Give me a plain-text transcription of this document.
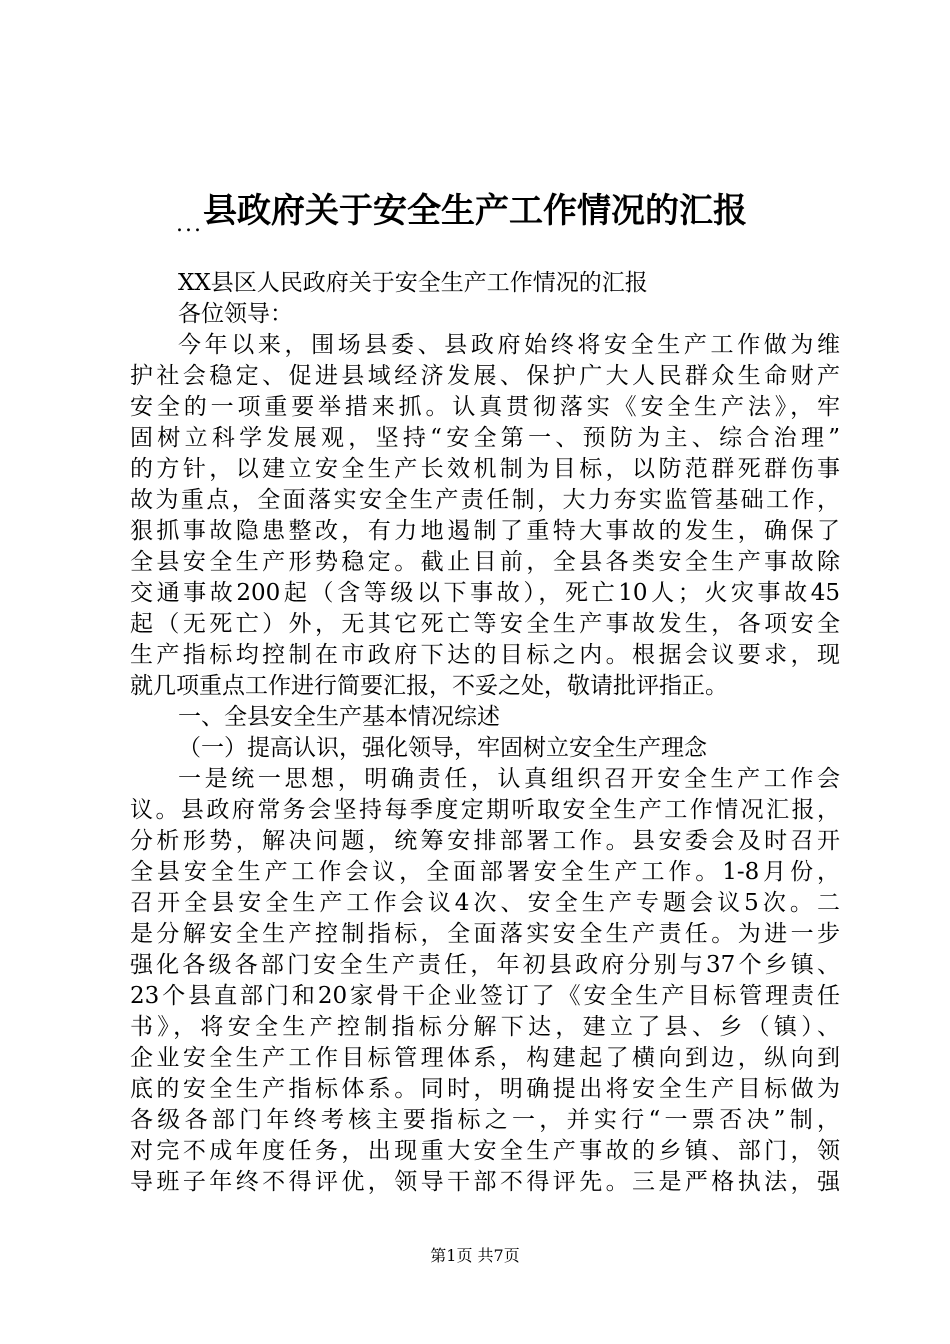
县政府关于安全生产工作情况的汇报
...
XX县区人民政府关于安全生产工作情况的汇报
各位领导：
今年以来，围场县委、县政府始终将安全生产工作做为维
护社会稳定、促进县域经济发展、保护广大人民群众生命财产
安全的一项重要举措来抓。认真贯彻落实《安全生产法》，牢
固树立科学发展观，坚持“安全第一、预防为主、综合治理”
的方针，以建立安全生产长效机制为目标，以防范群死群伤事
故为重点，全面落实安全生产责任制，大力夯实监管基础工作，
狠抓事故隐患整改，有力地遏制了重特大事故的发生，确保了
全县安全生产形势稳定。截止目前，全县各类安全生产事故除
交通事故200起（含等级以下事故），死亡10人；火灾事故45
起（无死亡）外，无其它死亡等安全生产事故发生，各项安全
生产指标均控制在市政府下达的目标之内。根据会议要求，现
就几项重点工作进行简要汇报，不妥之处，敬请批评指正。
一、全县安全生产基本情况综述
（一）提高认识，强化领导，牢固树立安全生产理念
一是统一思想，明确责任，认真组织召开安全生产工作会
议。县政府常务会坚持每季度定期听取安全生产工作情况汇报，
分析形势，解决问题，统筹安排部署工作。县安委会及时召开
全县安全生产工作会议，全面部署安全生产工作。1-8月份，
召开全县安全生产工作会议4次、安全生产专题会议5次。二
是分解安全生产控制指标，全面落实安全生产责任。为进一步
强化各级各部门安全生产责任，年初县政府分别与37个乡镇、
23个县直部门和20家骨干企业签订了《安全生产目标管理责任
书》，将安全生产控制指标分解下达，建立了县、乡（镇）、
企业安全生产工作目标管理体系，构建起了横向到边，纵向到
底的安全生产指标体系。同时，明确提出将安全生产目标做为
各级各部门年终考核主要指标之一，并实行“一票否决”制，
对完不成年度任务，出现重大安全生产事故的乡镇、部门，领
导班子年终不得评优，领导干部不得评先。三是严格执法，强
第1页 共7页
